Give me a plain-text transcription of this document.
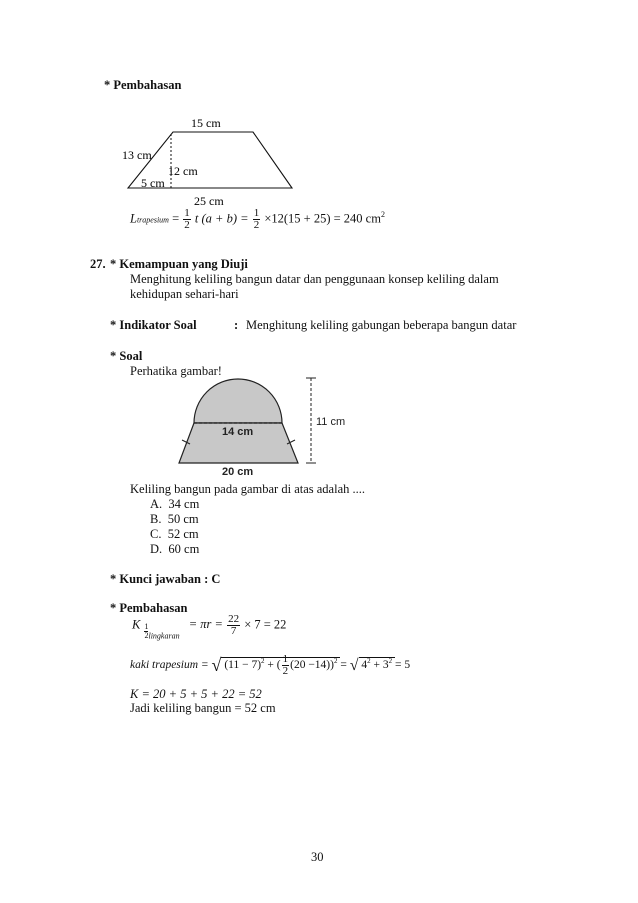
* Pembahasan
15 cm
13 cm
12 cm
5 cm
25 cm
Ltrapesium = $\frac{1}{2}$ t $(a + b) = \frac{1}{2} \times 12(15 + 25) = 240$ $cm^2$
27. * Kemampuan yang Diuji
Menghitung keliling bangun datar dan penggunaan konsep keliling dalam
kehidupan sehari-hari
* Indikator Soal	: Menghitung keliling gabungan beberapa bangun datar
* Soal
Perhatika gambar!
14 cm
11 cm
20 cm
Keliling bangun pada gambar di atas adalah ....
A. 34 cm
B. 50 cm
C. 52 cm
D. 60 cm
* Kunci jawaban : C
* Pembahasan
K $\frac{1}{2} _{lingkaran} = \pi r = \frac{22}{7} \times 7 = 22$
kaki trapesium = √ $(11 - 7)^2$ + ( $\frac{1}{2} (20 -14))^2$ = √ $4^2 + 3^2 = 5$
K = 20 + 5 + 5 + 22 = 52
Jadi keliling bangun = 52 cm
30
